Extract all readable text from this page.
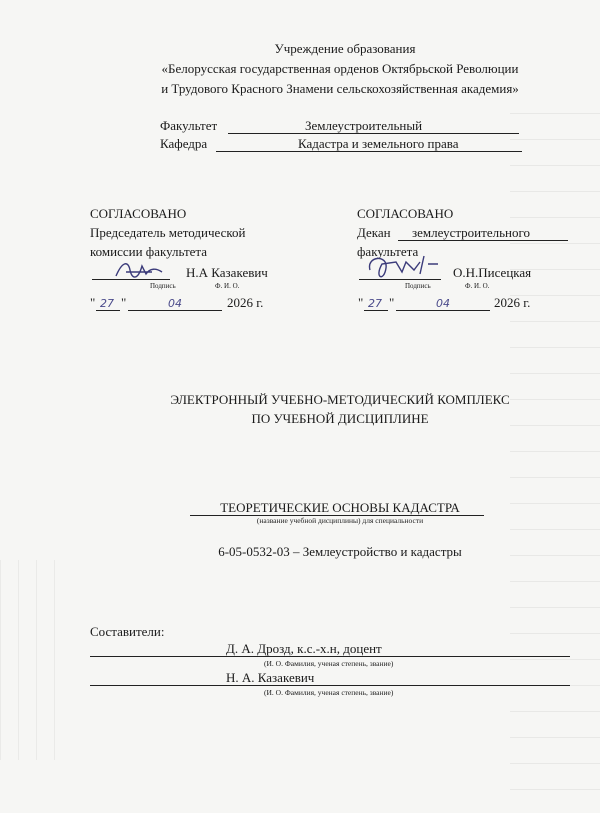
Учреждение образования
«Белорусская государственная орденов Октябрьской Революции
и Трудового Красного Знамени сельскохозяйственная академия»
Факультет	Землеустроительный
Кафедра	Кадастра и земельного права
СОГЛАСОВАНО
Председатель методической
комиссии факультета
Н.А Казакевич
Подпись	Ф. И. О.
" 27 "	04	2026 г.
СОГЛАСОВАНО
Декан землеустроительного
факультета
О.Н.Писецкая
Подпись	Ф. И. О.
" 27 "	04	2026 г.
ЭЛЕКТРОННЫЙ УЧЕБНО-МЕТОДИЧЕСКИЙ КОМПЛЕКС
ПО УЧЕБНОЙ ДИСЦИПЛИНЕ
ТЕОРЕТИЧЕСКИЕ ОСНОВЫ КАДАСТРА
(название учебной дисциплины) для специальности
6-05-0532-03 – Землеустройство и кадастры
Составители:
Д. А. Дрозд, к.с.-х.н, доцент
(И. О. Фамилия, ученая степень, звание)
Н. А. Казакевич
(И. О. Фамилия, ученая степень, звание)
